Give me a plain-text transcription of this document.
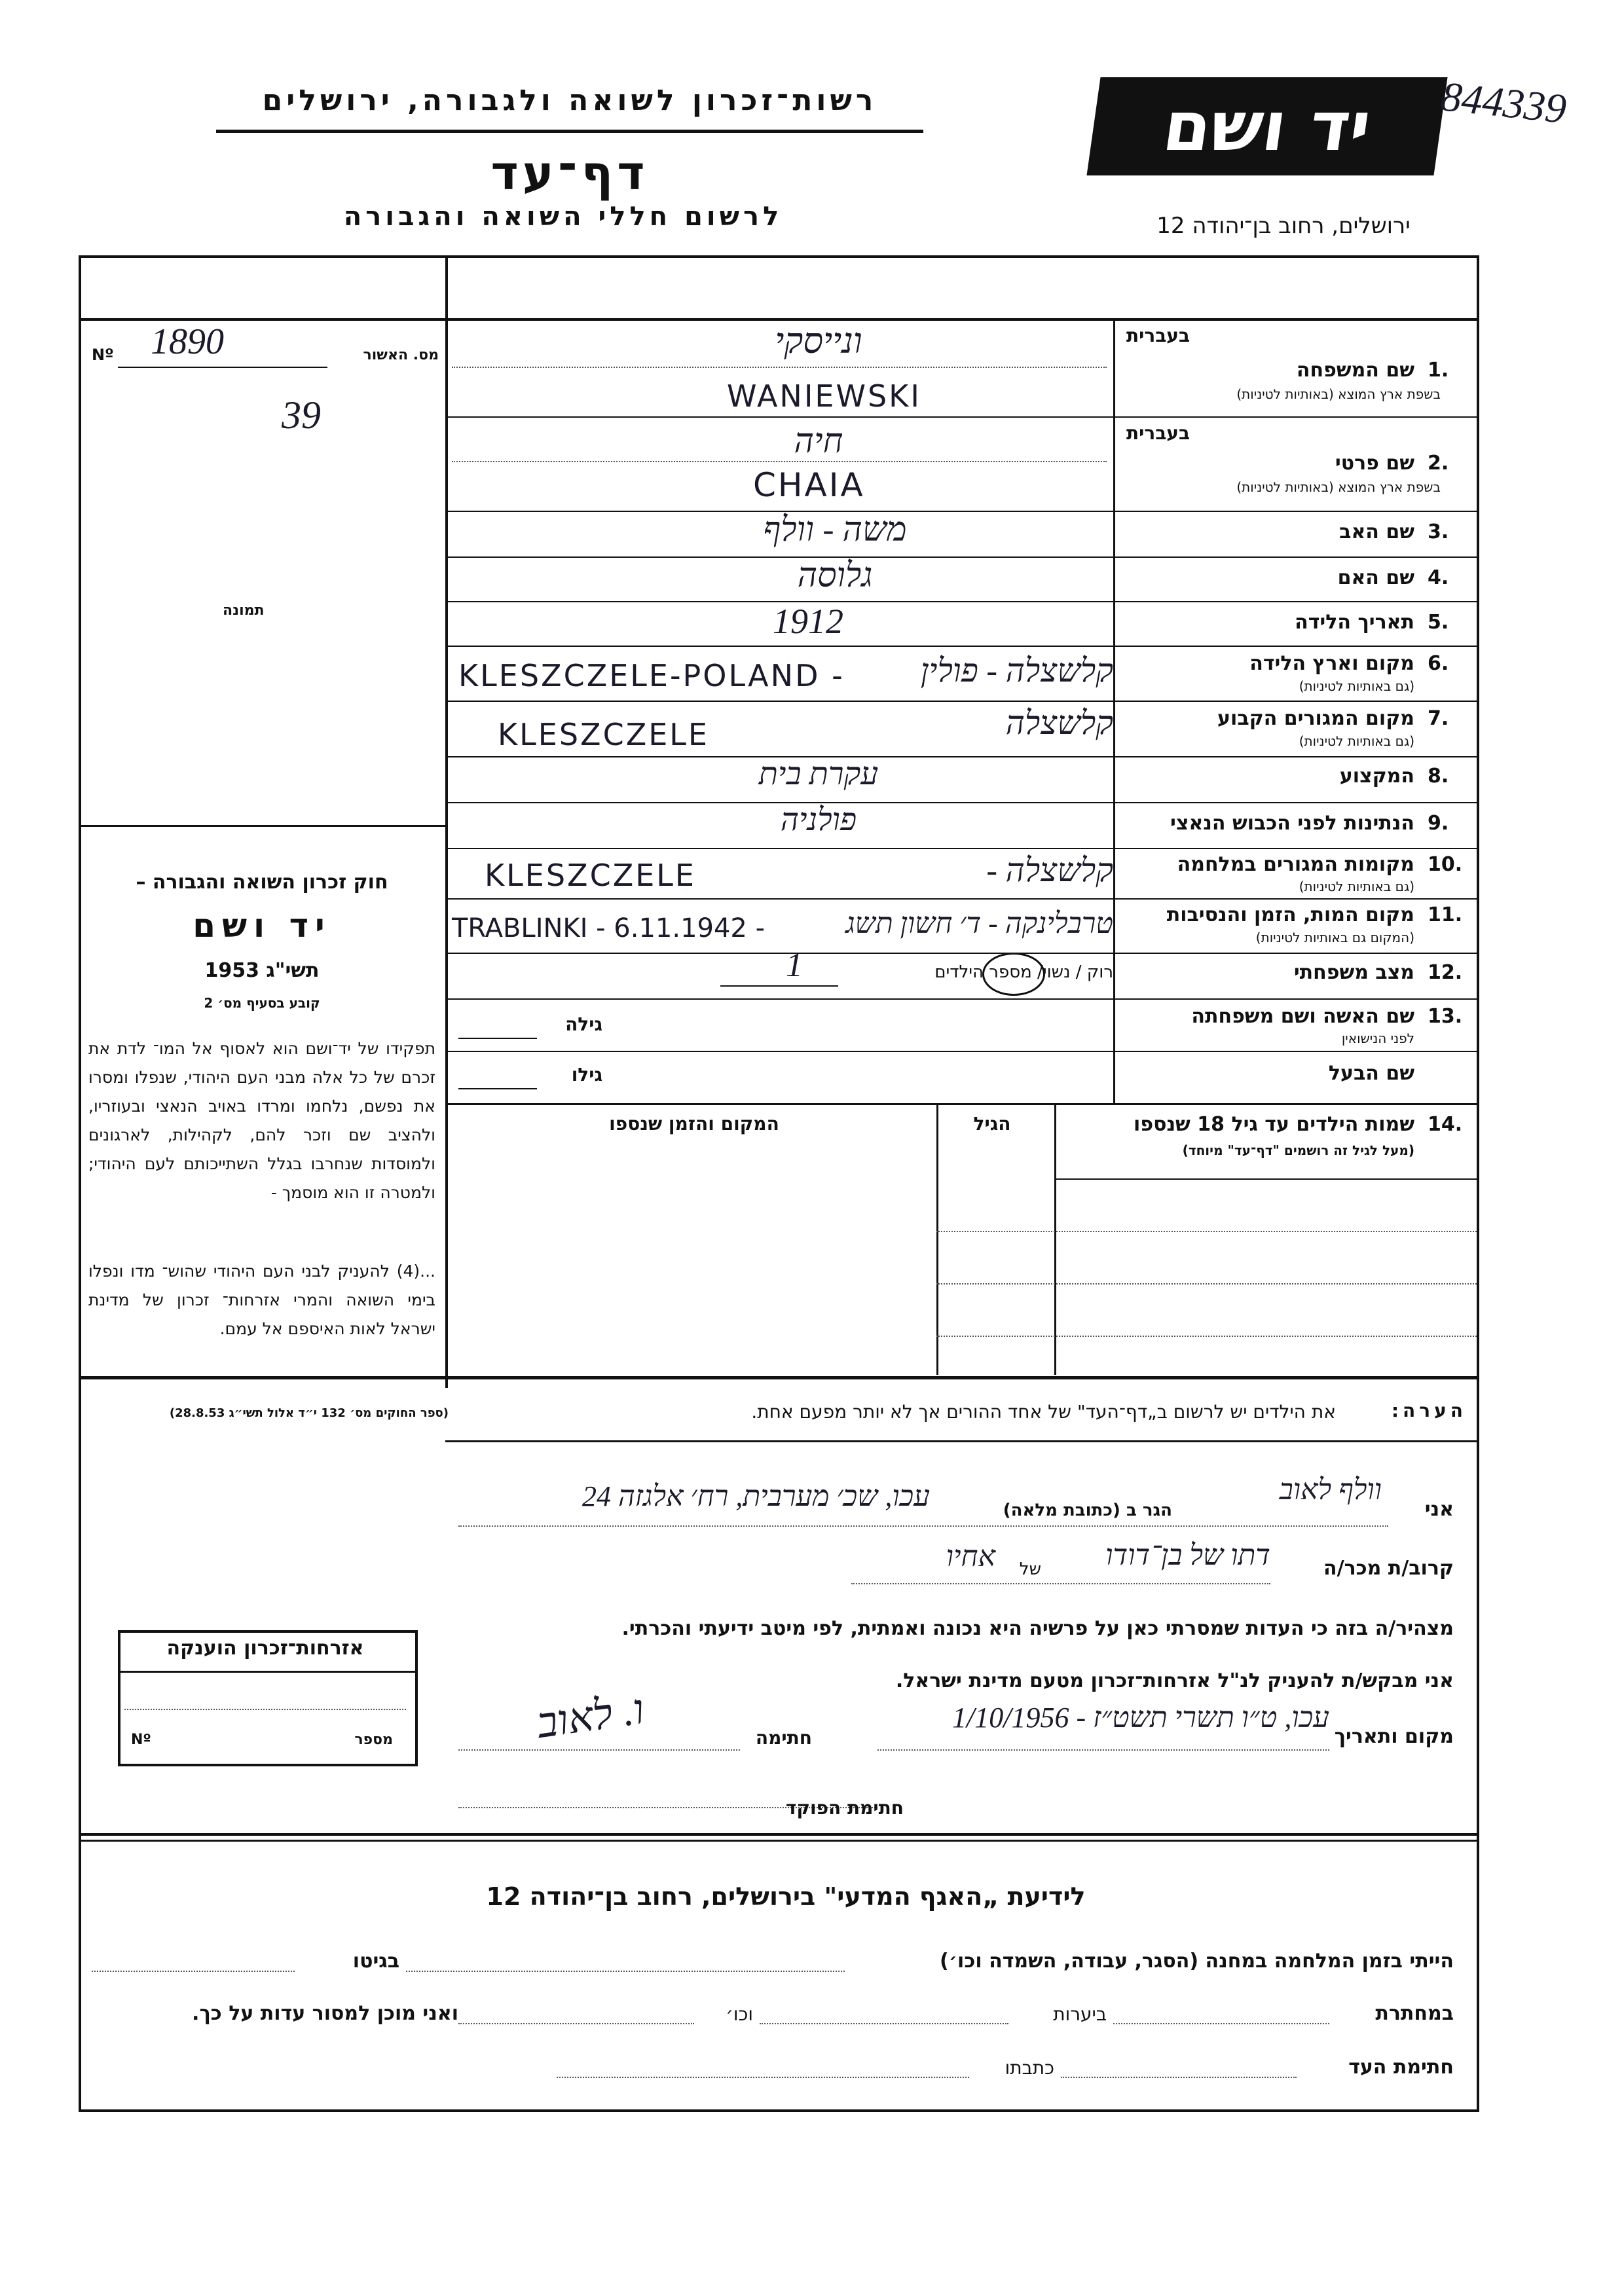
רשות־זכרון לשואה ולגבורה, ירושלים
דף־עד
לרשום חללי השואה והגבורה	ירושלים, רחוב בן־יהודה 12
יד ושם 844339
מס. האשור
Nº 1890
39
תמונה
חוק זכרון השואה והגבורה –
יד ושם
תשי"ג 1953
קובע בסעיף מס׳ 2
תפקידו של יד־ושם הוא לאסוף אל המו־ לדת את זכרם של כל אלה מבני העם היהודי, שנפלו ומסרו את נפשם, נלחמו ומרדו באויב הנאצי ובעוזריו, ולהציב שם וזכר להם, לקהילות, לארגונים ולמוסדות שנחרבו בגלל השתייכותם לעם היהודי; ולמטרה זו הוא מוסמך -
...(4) להעניק לבני העם היהודי שהוש־ מדו ונפלו בימי השואה והמרי אזרחות־ זכרון של מדינת ישראל לאות האיספם אל עמם.
(ספר החוקים מס׳ 132 י״ד אלול תשי״ג 28.8.53)
בעברית
שם המשפחה 1.
בשפת ארץ המוצא (באותיות לטיניות)
ונייסקי
WANIEWSKI
בעברית
שם פרטי 2.
בשפת ארץ המוצא (באותיות לטיניות)
חיה
CHAIA
שם האב 3.
משה - וולף
שם האם 4.
גלוסה
תאריך הלידה 5.
1912
מקום וארץ הלידה 6.
(גם באותיות לטיניות)
KLESZCZELE-POLAND -	קלשצלה - פולין
מקום המגורים הקבוע 7.
(גם באותיות לטיניות)
KLESZCZELE	קלשצלה
המקצוע 8.
עקרת בית
הנתינות לפני הכבוש הנאצי 9.
פולניה
מקומות המגורים במלחמה 10.
(גם באותיות לטיניות)
KLESZCZELE	קלשצלה -
מקום המות, הזמן והנסיבות 11.
(המקום גם באותיות לטיניות)
TRABLINKI - 6.11.1942 -	טרבלינקה - ד׳ חשון תשג
מצב משפחתי 12.
רוק / נשוי/ מספר הילדים
1
שם האשה ושם משפחתה 13.
לפני הנישואין
גילה
שם הבעל
גילו
שמות הילדים עד גיל 18 שנספו 14.
(מעל לגיל זה רושמים "דף־עד" מיוחד)
הגיל
המקום והזמן שנספו
הערה:
את הילדים יש לרשום ב„דף־העד" של אחד ההורים אך לא יותר מפעם אחת.
אני
וולף לאוב
הגר ב (כתובת מלאה)
עכו, שכ׳ מערבית, רח׳ אלגזה 24
קרוב/ת מכר/ה
דתו של בן־דודו
של
אחיו
מצהיר/ה בזה כי העדות שמסרתי כאן על פרשיה היא נכונה ואמתית, לפי מיטב ידיעתי והכרתי.
אני מבקש/ת להעניק לנ"ל אזרחות־זכרון מטעם מדינת ישראל.
מקום ותאריך
עכו, ט״ו תשרי תשט״ז - 1/10/1956
חתימה
ו. לאוב
חתימת הפוקד
אזרחות־זכרון הוענקה
מספר
Nº
לידיעת „האגף המדעי" בירושלים, רחוב בן־יהודה 12
הייתי בזמן המלחמה במחנה (הסגר, עבודה, השמדה וכו׳)
בגיטו
במחתרת
ביערות
וכו׳
ואני מוכן למסור עדות על כך.
חתימת העד
כתבתו
